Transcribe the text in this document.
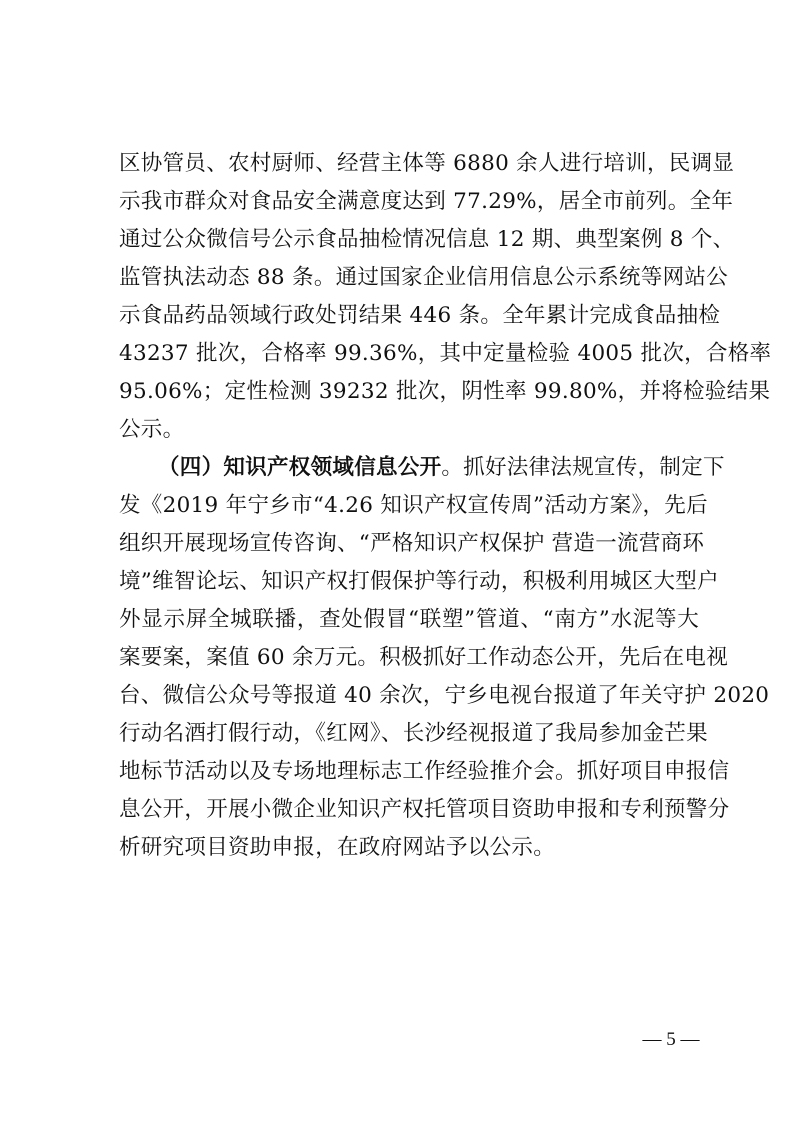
区协管员、农村厨师、经营主体等 6880 余人进行培训，民调显
示我市群众对食品安全满意度达到 77.29%，居全市前列。全年
通过公众微信号公示食品抽检情况信息 12 期、典型案例 8 个、
监管执法动态 88 条。通过国家企业信用信息公示系统等网站公
示食品药品领域行政处罚结果 446 条。全年累计完成食品抽检
43237 批次，合格率 99.36%，其中定量检验 4005 批次，合格率
95.06%；定性检测 39232 批次，阴性率 99.80%，并将检验结果
公示。
（四）知识产权领域信息公开。抓好法律法规宣传，制定下
发《2019 年宁乡市“4.26 知识产权宣传周”活动方案》，先后
组织开展现场宣传咨询、“严格知识产权保护 营造一流营商环
境”维智论坛、知识产权打假保护等行动，积极利用城区大型户
外显示屏全城联播，查处假冒“联塑”管道、“南方”水泥等大
案要案，案值 60 余万元。积极抓好工作动态公开，先后在电视
台、微信公众号等报道 40 余次，宁乡电视台报道了年关守护 2020
行动名酒打假行动，《红网》、长沙经视报道了我局参加金芒果
地标节活动以及专场地理标志工作经验推介会。抓好项目申报信
息公开，开展小微企业知识产权托管项目资助申报和专利预警分
析研究项目资助申报，在政府网站予以公示。
— 5 —
